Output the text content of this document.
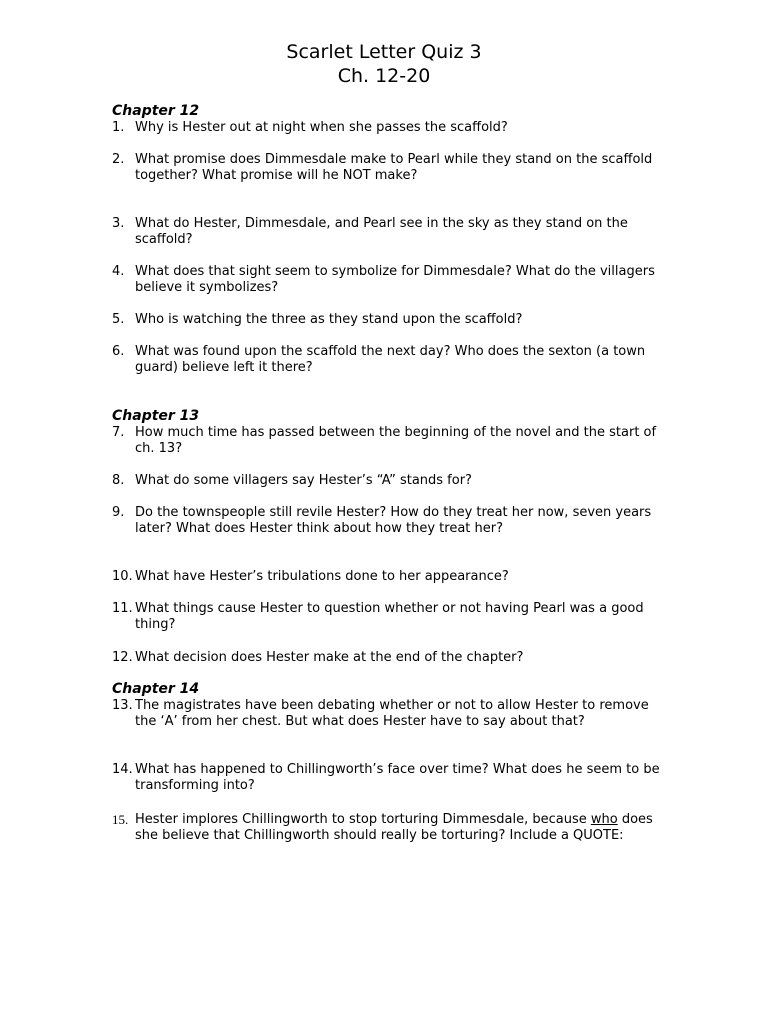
Scarlet Letter Quiz 3
Ch. 12-20
Chapter 12
1. Why is Hester out at night when she passes the scaffold?
2. What promise does Dimmesdale make to Pearl while they stand on the scaffold together? What promise will he NOT make?
3. What do Hester, Dimmesdale, and Pearl see in the sky as they stand on the scaffold?
4. What does that sight seem to symbolize for Dimmesdale? What do the villagers believe it symbolizes?
5. Who is watching the three as they stand upon the scaffold?
6. What was found upon the scaffold the next day? Who does the sexton (a town guard) believe left it there?
Chapter 13
7. How much time has passed between the beginning of the novel and the start of ch. 13?
8. What do some villagers say Hester’s “A” stands for?
9. Do the townspeople still revile Hester? How do they treat her now, seven years later? What does Hester think about how they treat her?
10. What have Hester’s tribulations done to her appearance?
11. What things cause Hester to question whether or not having Pearl was a good thing?
12. What decision does Hester make at the end of the chapter?
Chapter 14
13. The magistrates have been debating whether or not to allow Hester to remove the ‘A’ from her chest. But what does Hester have to say about that?
14. What has happened to Chillingworth’s face over time? What does he seem to be transforming into?
15. Hester implores Chillingworth to stop torturing Dimmesdale, because who does she believe that Chillingworth should really be torturing? Include a QUOTE:
